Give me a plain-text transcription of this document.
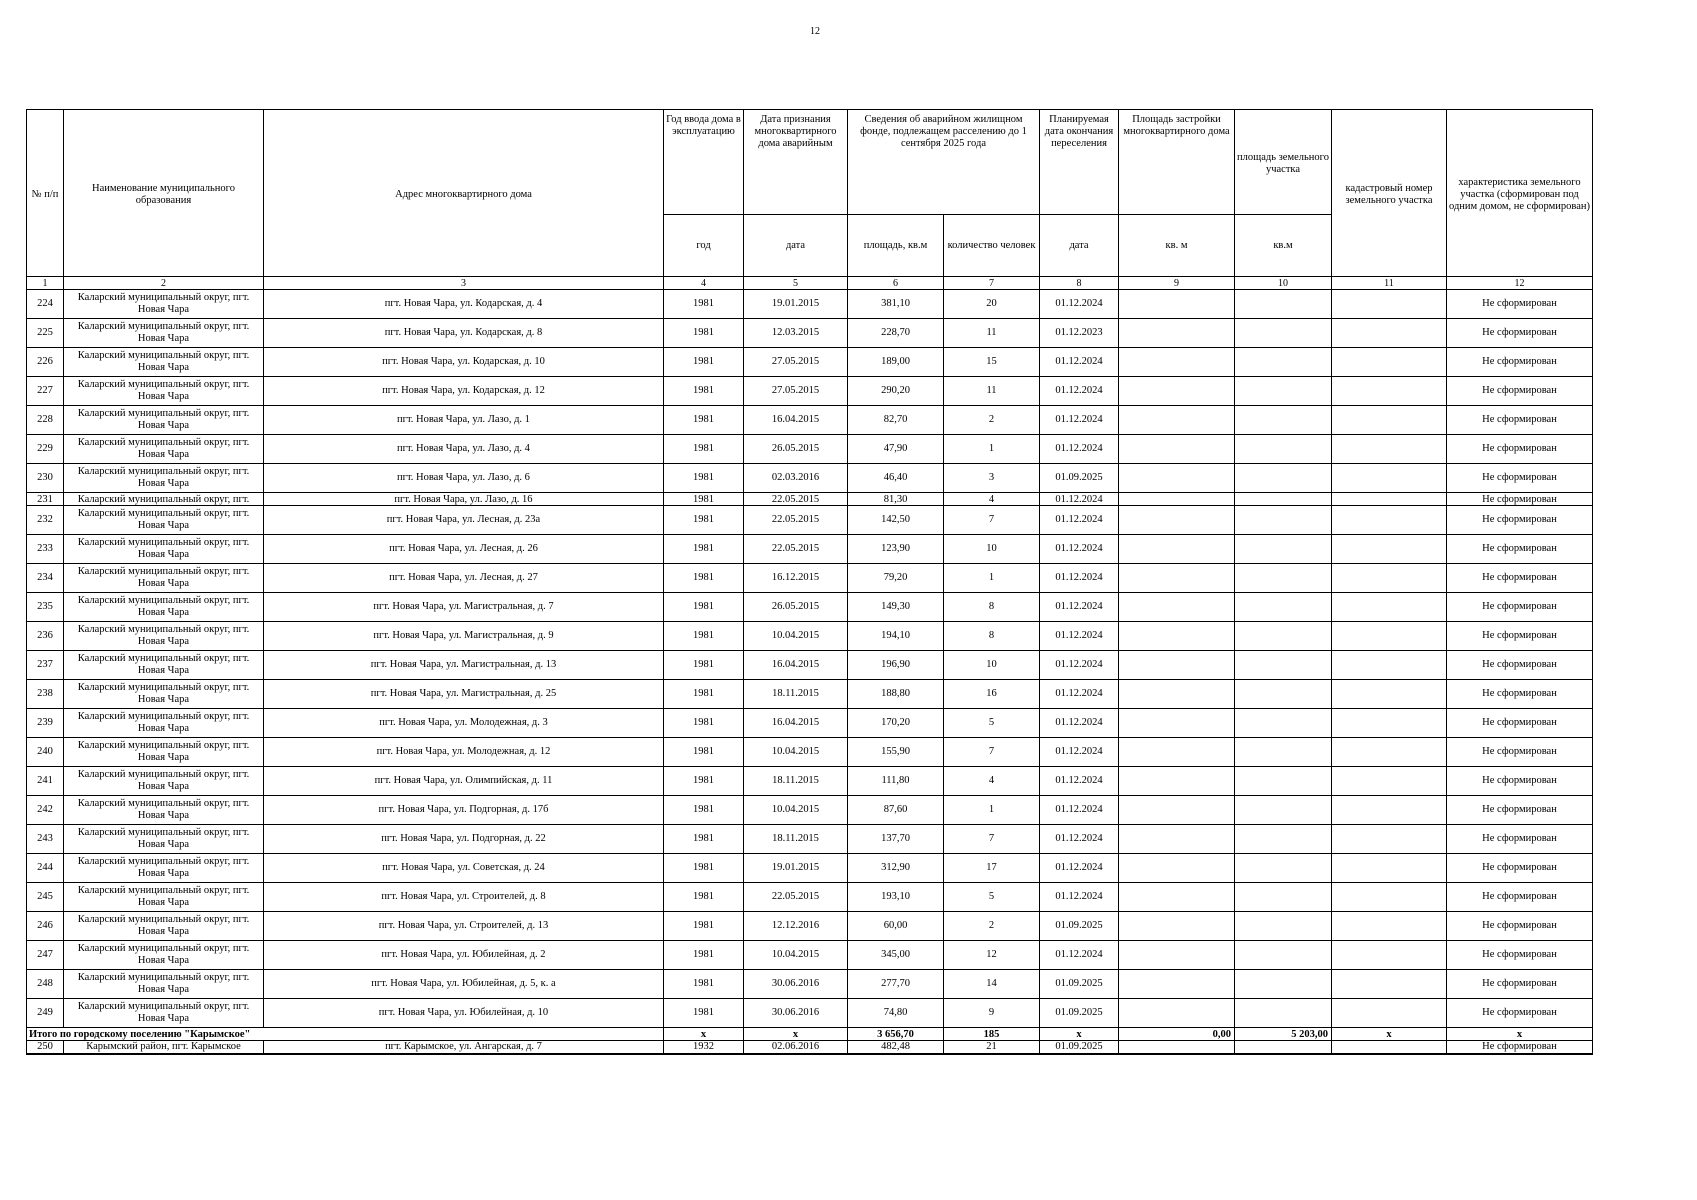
12
№ п/п	Наименование муниципального образования	Адрес многоквартирного дома	Год ввода дома в эксплуатацию	Дата признания многоквартирного дома аварийным	Сведения об аварийном жилищном фонде, подлежащем расселению до 1 сентября 2025 года		Планируемая дата окончания переселения	Площадь застройки многоквартирного дома	площадь земельного участка	кадастровый номер земельного участка	характеристика земельного участка (сформирован под одним домом, не сформирован)
			год	дата	площадь, кв.м	количество человек	дата	кв. м	кв.м		
1	2	3	4	5	6	7	8	9	10	11	12
224	Каларский муниципальный округ, пгт.
Новая Чара	пгт. Новая Чара, ул. Кодарская, д. 4	1981	19.01.2015	381,10	20	01.12.2024				Не сформирован
225	Каларский муниципальный округ, пгт.
Новая Чара	пгт. Новая Чара, ул. Кодарская, д. 8	1981	12.03.2015	228,70	11	01.12.2023				Не сформирован
226	Каларский муниципальный округ, пгт.
Новая Чара	пгт. Новая Чара, ул. Кодарская, д. 10	1981	27.05.2015	189,00	15	01.12.2024				Не сформирован
227	Каларский муниципальный округ, пгт.
Новая Чара	пгт. Новая Чара, ул. Кодарская, д. 12	1981	27.05.2015	290,20	11	01.12.2024				Не сформирован
228	Каларский муниципальный округ, пгт.
Новая Чара	пгт. Новая Чара, ул. Лазо, д. 1	1981	16.04.2015	82,70	2	01.12.2024				Не сформирован
229	Каларский муниципальный округ, пгт.
Новая Чара	пгт. Новая Чара, ул. Лазо, д. 4	1981	26.05.2015	47,90	1	01.12.2024				Не сформирован
230	Каларский муниципальный округ, пгт.
Новая Чара	пгт. Новая Чара, ул. Лазо, д. 6	1981	02.03.2016	46,40	3	01.09.2025				Не сформирован
231	Каларский муниципальный округ, пгт.	пгт. Новая Чара, ул. Лазо, д. 16	1981	22.05.2015	81,30	4	01.12.2024				Не сформирован
232	Каларский муниципальный округ, пгт.
Новая Чара	пгт. Новая Чара, ул. Лесная, д. 23а	1981	22.05.2015	142,50	7	01.12.2024				Не сформирован
233	Каларский муниципальный округ, пгт.
Новая Чара	пгт. Новая Чара, ул. Лесная, д. 26	1981	22.05.2015	123,90	10	01.12.2024				Не сформирован
234	Каларский муниципальный округ, пгт.
Новая Чара	пгт. Новая Чара, ул. Лесная, д. 27	1981	16.12.2015	79,20	1	01.12.2024				Не сформирован
235	Каларский муниципальный округ, пгт.
Новая Чара	пгт. Новая Чара, ул. Магистральная, д. 7	1981	26.05.2015	149,30	8	01.12.2024				Не сформирован
236	Каларский муниципальный округ, пгт.
Новая Чара	пгт. Новая Чара, ул. Магистральная, д. 9	1981	10.04.2015	194,10	8	01.12.2024				Не сформирован
237	Каларский муниципальный округ, пгт.
Новая Чара	пгт. Новая Чара, ул. Магистральная, д. 13	1981	16.04.2015	196,90	10	01.12.2024				Не сформирован
238	Каларский муниципальный округ, пгт.
Новая Чара	пгт. Новая Чара, ул. Магистральная, д. 25	1981	18.11.2015	188,80	16	01.12.2024				Не сформирован
239	Каларский муниципальный округ, пгт.
Новая Чара	пгт. Новая Чара, ул. Молодежная, д. 3	1981	16.04.2015	170,20	5	01.12.2024				Не сформирован
240	Каларский муниципальный округ, пгт.
Новая Чара	пгт. Новая Чара, ул. Молодежная, д. 12	1981	10.04.2015	155,90	7	01.12.2024				Не сформирован
241	Каларский муниципальный округ, пгт.
Новая Чара	пгт. Новая Чара, ул. Олимпийская, д. 11	1981	18.11.2015	111,80	4	01.12.2024				Не сформирован
242	Каларский муниципальный округ, пгт.
Новая Чара	пгт. Новая Чара, ул. Подгорная, д. 17б	1981	10.04.2015	87,60	1	01.12.2024				Не сформирован
243	Каларский муниципальный округ, пгт.
Новая Чара	пгт. Новая Чара, ул. Подгорная, д. 22	1981	18.11.2015	137,70	7	01.12.2024				Не сформирован
244	Каларский муниципальный округ, пгт.
Новая Чара	пгт. Новая Чара, ул. Советская, д. 24	1981	19.01.2015	312,90	17	01.12.2024				Не сформирован
245	Каларский муниципальный округ, пгт.
Новая Чара	пгт. Новая Чара, ул. Строителей, д. 8	1981	22.05.2015	193,10	5	01.12.2024				Не сформирован
246	Каларский муниципальный округ, пгт.
Новая Чара	пгт. Новая Чара, ул. Строителей, д. 13	1981	12.12.2016	60,00	2	01.09.2025				Не сформирован
247	Каларский муниципальный округ, пгт.
Новая Чара	пгт. Новая Чара, ул. Юбилейная, д. 2	1981	10.04.2015	345,00	12	01.12.2024				Не сформирован
248	Каларский муниципальный округ, пгт.
Новая Чара	пгт. Новая Чара, ул. Юбилейная, д. 5, к. а	1981	30.06.2016	277,70	14	01.09.2025				Не сформирован
249	Каларский муниципальный округ, пгт.
Новая Чара	пгт. Новая Чара, ул. Юбилейная, д. 10	1981	30.06.2016	74,80	9	01.09.2025				Не сформирован
Итого по городскому поселению "Карымское"			х	х	3 656,70	185	х	0,00	5 203,00	х	х
250	Карымский район, пгт. Карымское	пгт. Карымское, ул. Ангарская, д. 7	1932	02.06.2016	482,48	21	01.09.2025				Не сформирован
